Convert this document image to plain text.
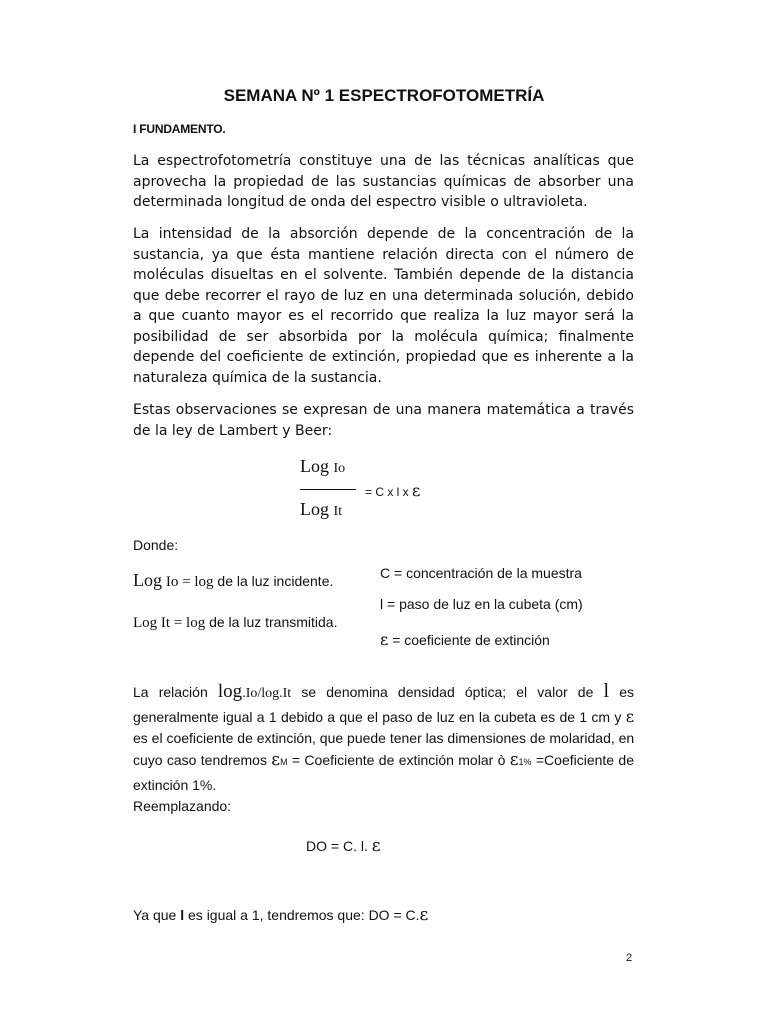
SEMANA Nº 1 ESPECTROFOTOMETRÍA
I FUNDAMENTO.
La espectrofotometría constituye una de las técnicas analíticas que
aprovecha la propiedad de las sustancias químicas de absorber una
determinada longitud de onda del espectro visible o ultravioleta.
La intensidad de la absorción depende de la concentración de la
sustancia, ya que ésta mantiene relación directa con el número de
moléculas disueltas en el solvente. También depende de la distancia
que debe recorrer el rayo de luz en una determinada solución, debido
a que cuanto mayor es el recorrido que realiza la luz mayor será la
posibilidad de ser absorbida por la molécula química; finalmente
depende del coeficiente de extinción, propiedad que es inherente a la
naturaleza química de la sustancia.
Estas observaciones se expresan de una manera matemática a través
de la ley de Lambert y Beer:
Log Io
Log It
= C x l x ε
Donde:
Log Io = log de la luz incidente.
Log It = log de la luz transmitida.
C = concentración de la muestra
l = paso de luz en la cubeta (cm)
ε = coeficiente de extinción
La relación log.Io/log.It se denomina densidad óptica; el valor de l es
generalmente igual a 1 debido a que el paso de luz en la cubeta es de 1 cm y ε
es el coeficiente de extinción, que puede tener las dimensiones de molaridad, en
cuyo caso tendremos εM = Coeficiente de extinción molar ò ε1% =Coeficiente de
extinción 1%.
Reemplazando:
DO = C. l. ε
Ya que l es igual a 1, tendremos que: DO = C.ε
2
